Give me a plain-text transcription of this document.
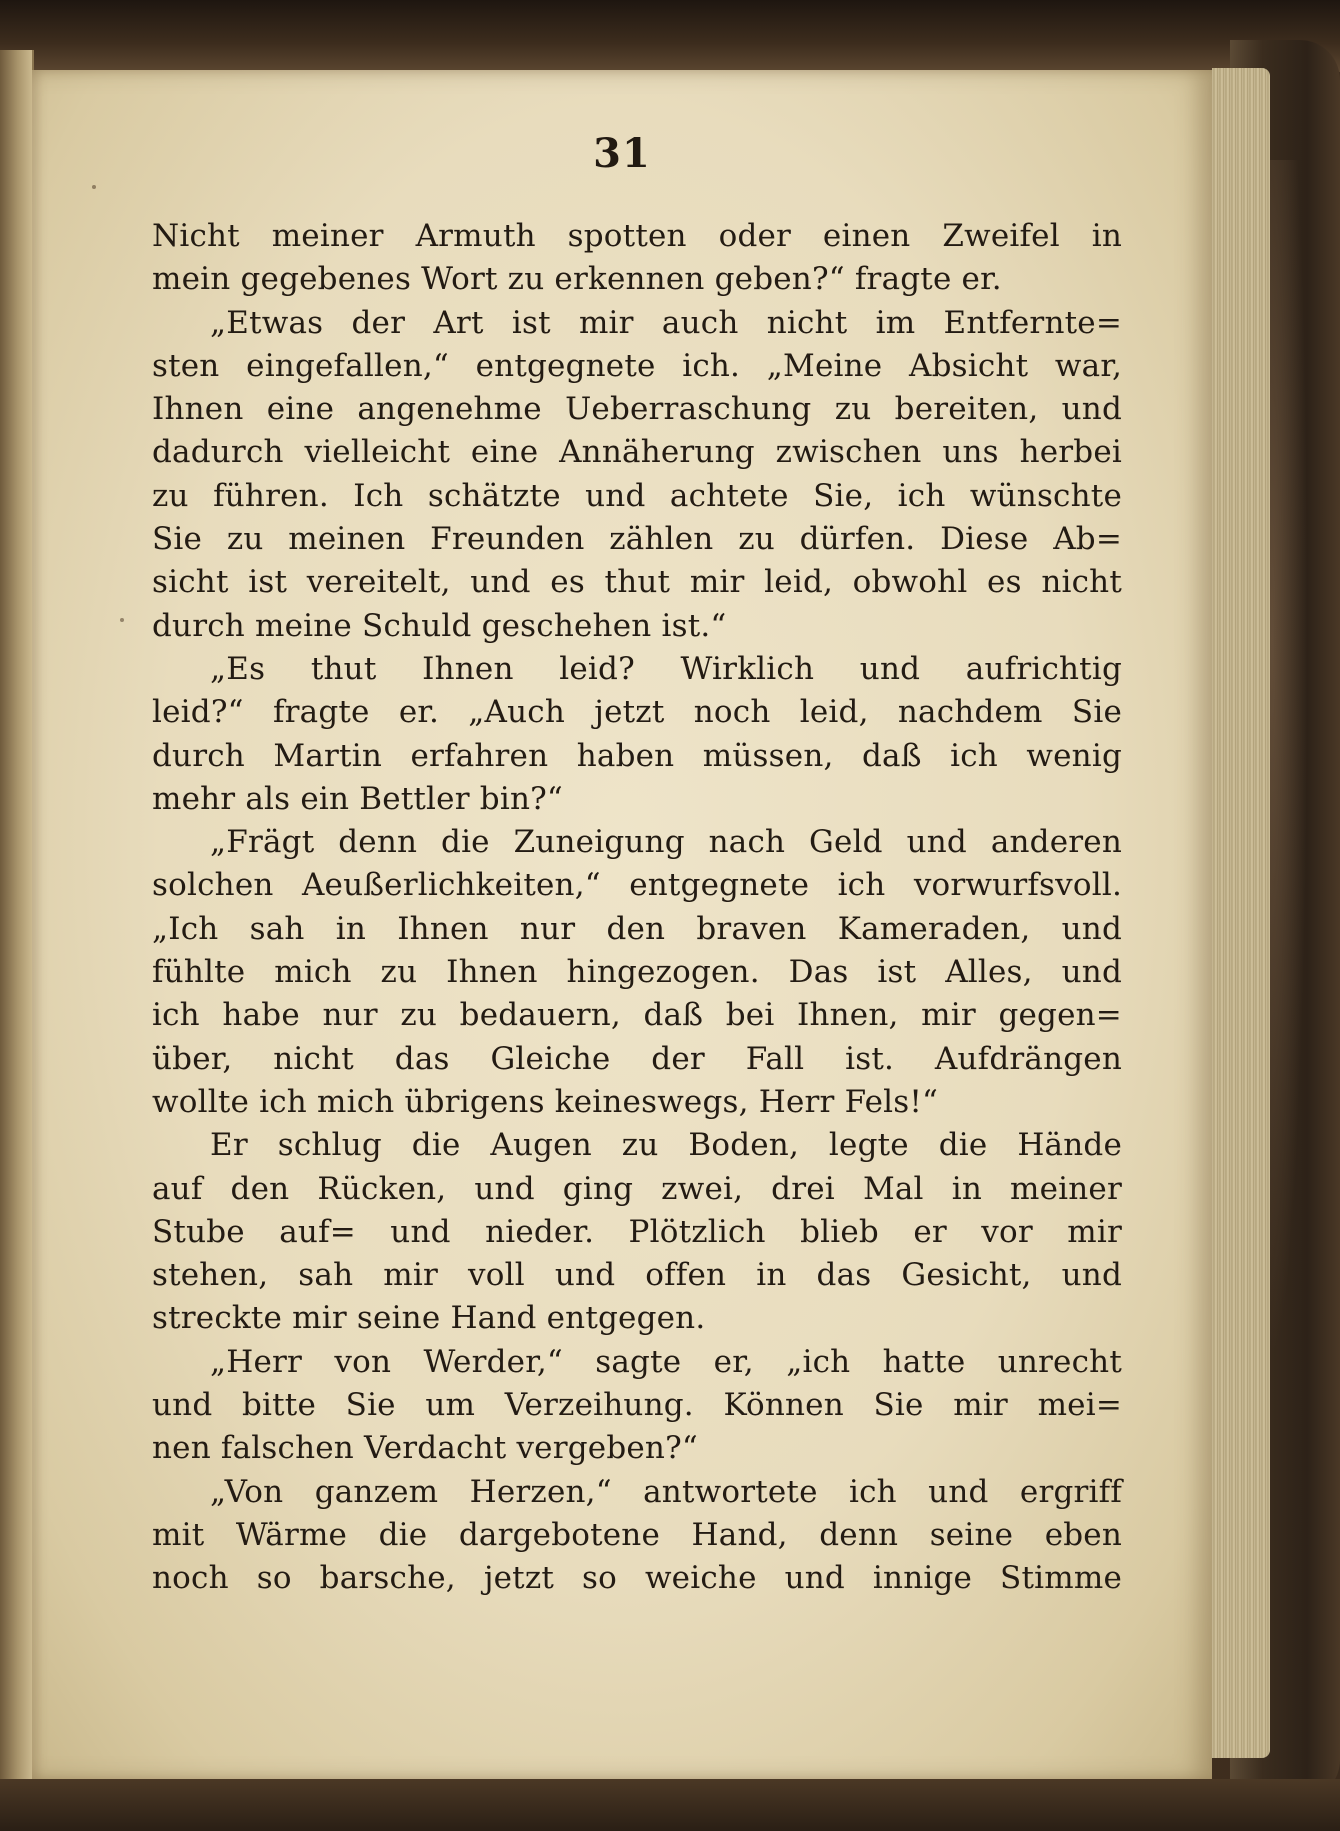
31
Nicht meiner Armuth spotten oder einen Zweifel in
mein gegebenes Wort zu erkennen geben?“ fragte er.
„Etwas der Art ist mir auch nicht im Entfernte=
sten eingefallen,“ entgegnete ich. „Meine Absicht war,
Ihnen eine angenehme Ueberraschung zu bereiten, und
dadurch vielleicht eine Annäherung zwischen uns herbei
zu führen. Ich schätzte und achtete Sie, ich wünschte
Sie zu meinen Freunden zählen zu dürfen. Diese Ab=
sicht ist vereitelt, und es thut mir leid, obwohl es nicht
durch meine Schuld geschehen ist.“
„Es thut Ihnen leid? Wirklich und aufrichtig
leid?“ fragte er. „Auch jetzt noch leid, nachdem Sie
durch Martin erfahren haben müssen, daß ich wenig
mehr als ein Bettler bin?“
„Frägt denn die Zuneigung nach Geld und anderen
solchen Aeußerlichkeiten,“ entgegnete ich vorwurfsvoll.
„Ich sah in Ihnen nur den braven Kameraden, und
fühlte mich zu Ihnen hingezogen. Das ist Alles, und
ich habe nur zu bedauern, daß bei Ihnen, mir gegen=
über, nicht das Gleiche der Fall ist. Aufdrängen
wollte ich mich übrigens keineswegs, Herr Fels!“
Er schlug die Augen zu Boden, legte die Hände
auf den Rücken, und ging zwei, drei Mal in meiner
Stube auf= und nieder. Plötzlich blieb er vor mir
stehen, sah mir voll und offen in das Gesicht, und
streckte mir seine Hand entgegen.
„Herr von Werder,“ sagte er, „ich hatte unrecht
und bitte Sie um Verzeihung. Können Sie mir mei=
nen falschen Verdacht vergeben?“
„Von ganzem Herzen,“ antwortete ich und ergriff
mit Wärme die dargebotene Hand, denn seine eben
noch so barsche, jetzt so weiche und innige Stimme
